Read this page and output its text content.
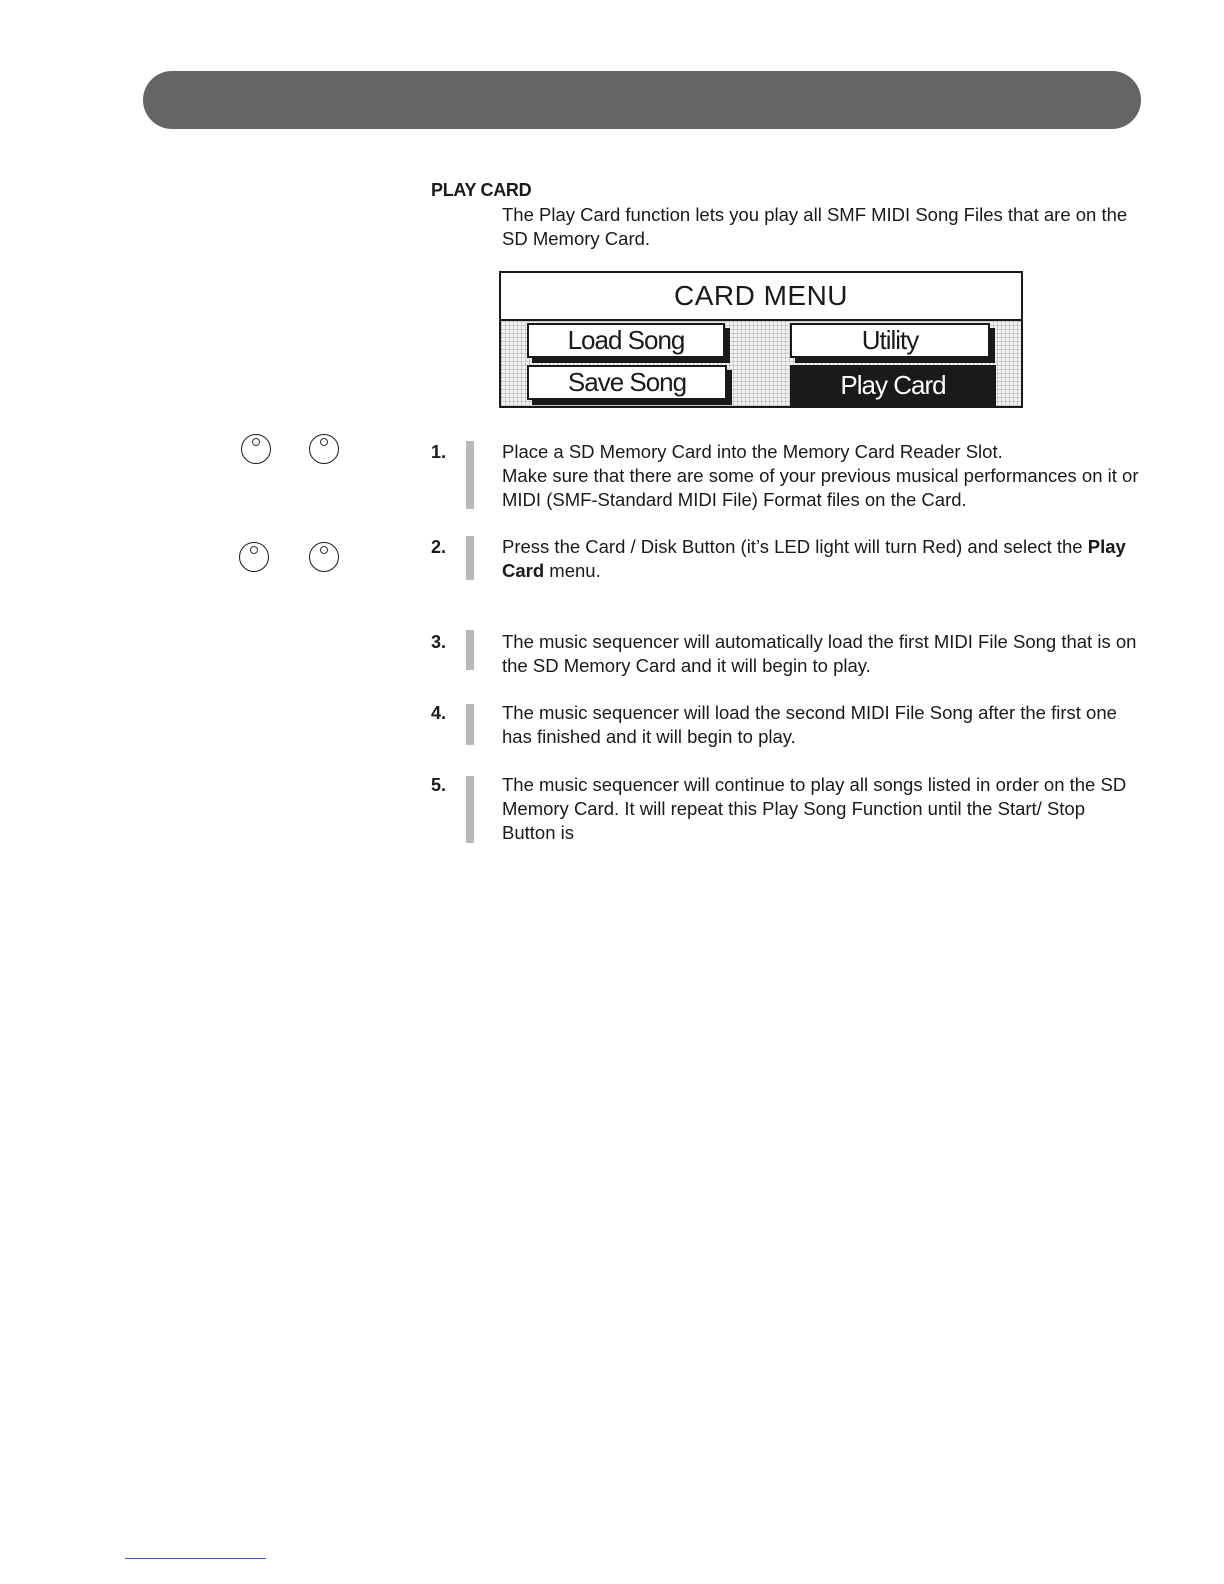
PLAY CARD
The Play Card function lets you play all SMF MIDI Song Files that are on the SD Memory Card.
CARD MENU
Load Song	Utility
Save Song	Play Card
1.	Place a SD Memory Card into the Memory Card Reader Slot.
Make sure that there are some of your previous musical performances on it or MIDI (SMF-Standard MIDI File) Format files on the Card.
2.	Press the Card / Disk Button (it’s LED light will turn Red) and select the Play Card menu.
3.	The music sequencer will automatically load the first MIDI File Song that is on the SD Memory Card and it will begin to play.
4.	The music sequencer will load the second MIDI File Song after the first one has finished and it will begin to play.
5.	The music sequencer will continue to play all songs listed in order on the SD Memory Card. It will repeat this Play Song Function until the Start/ Stop Button is
